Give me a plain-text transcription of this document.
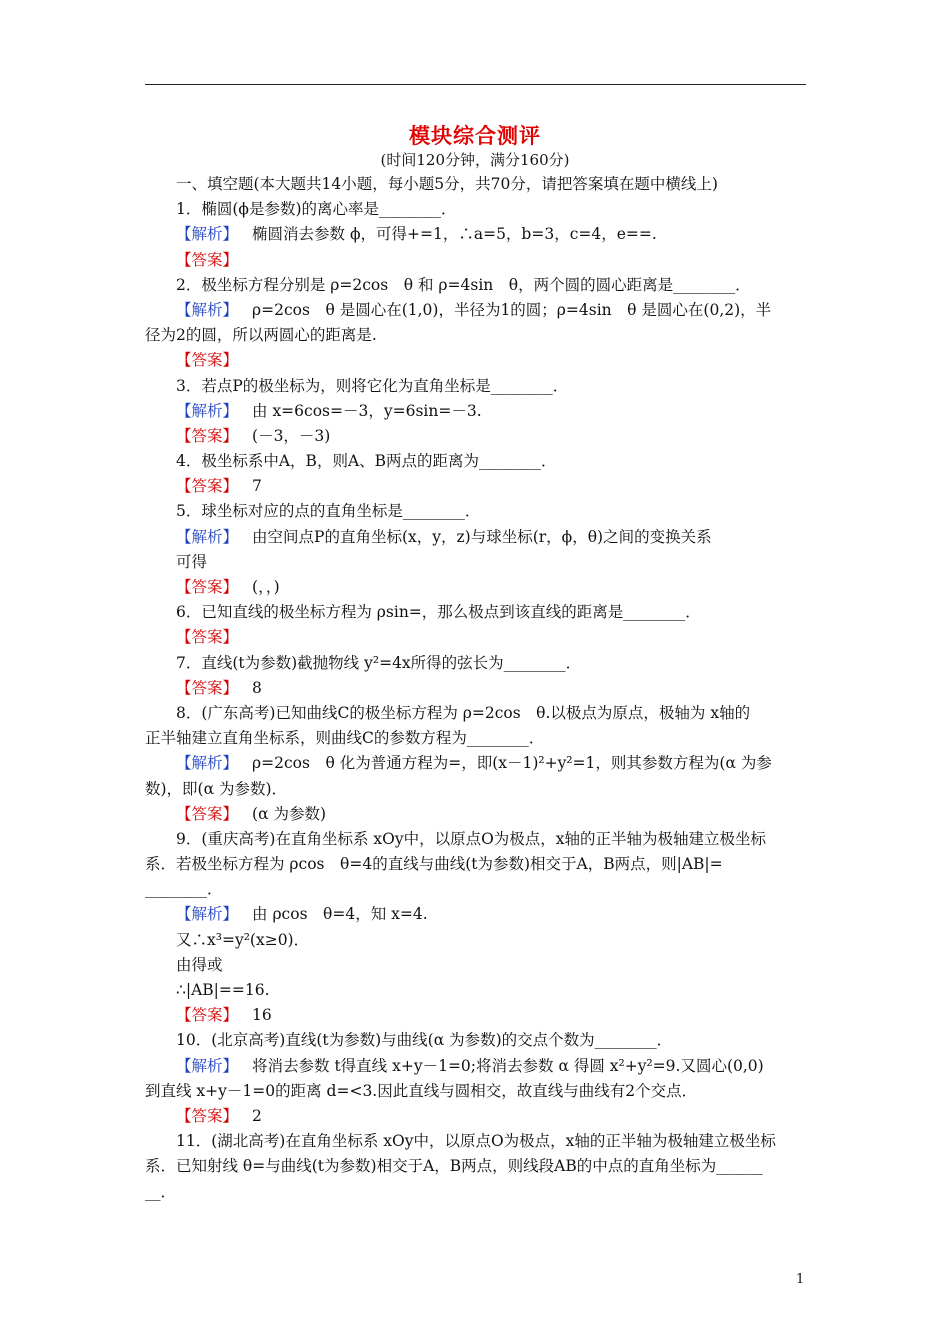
模块综合测评
(时间120分钟，满分160分)
一、填空题(本大题共14小题，每小题5分，共70分，请把答案填在题中横线上)
1．椭圆(ϕ是参数)的离心率是________．
【解析】 椭圆消去参数 ϕ，可得+=1，∴a=5，b=3，c=4，e==.
【答案】
2．极坐标方程分别是 ρ=2cos　θ 和 ρ=4sin　θ，两个圆的圆心距离是________．
【解析】 ρ=2cos　θ 是圆心在(1,0)，半径为1的圆；ρ=4sin　θ 是圆心在(0,2)，半
径为2的圆，所以两圆心的距离是.
【答案】
3．若点P的极坐标为，则将它化为直角坐标是________．
【解析】 由 x=6cos=－3，y=6sin=－3.
【答案】 (－3，－3)
4．极坐标系中A，B，则A、B两点的距离为________．
【答案】 7
5．球坐标对应的点的直角坐标是________．
【解析】 由空间点P的直角坐标(x，y，z)与球坐标(r，ϕ，θ)之间的变换关系
可得
【答案】 (，，)
6．已知直线的极坐标方程为 ρsin=，那么极点到该直线的距离是________．
【答案】
7．直线(t为参数)截抛物线 y²=4x所得的弦长为________．
【答案】 8
8．(广东高考)已知曲线C的极坐标方程为 ρ=2cos　θ.以极点为原点，极轴为 x轴的
正半轴建立直角坐标系，则曲线C的参数方程为________．
【解析】 ρ=2cos　θ 化为普通方程为=，即(x－1)²+y²=1，则其参数方程为(α 为参
数)，即(α 为参数)．
【答案】 (α 为参数)
9．(重庆高考)在直角坐标系 xOy中，以原点O为极点，x轴的正半轴为极轴建立极坐标
系．若极坐标方程为 ρcos　θ=4的直线与曲线(t为参数)相交于A，B两点，则|AB|=
________．
【解析】 由 ρcos　θ=4，知 x=4.
又∴x³=y²(x≥0)．
由得或
∴|AB|==16.
【答案】 16
10．(北京高考)直线(t为参数)与曲线(α 为参数)的交点个数为________．
【解析】 将消去参数 t得直线 x+y－1=0;将消去参数 α 得圆 x²+y²=9.又圆心(0,0)
到直线 x+y－1=0的距离 d=<3.因此直线与圆相交，故直线与曲线有2个交点．
【答案】 2
11．(湖北高考)在直角坐标系 xOy中，以原点O为极点，x轴的正半轴为极轴建立极坐标
系．已知射线 θ=与曲线(t为参数)相交于A，B两点，则线段AB的中点的直角坐标为______
__．
1
